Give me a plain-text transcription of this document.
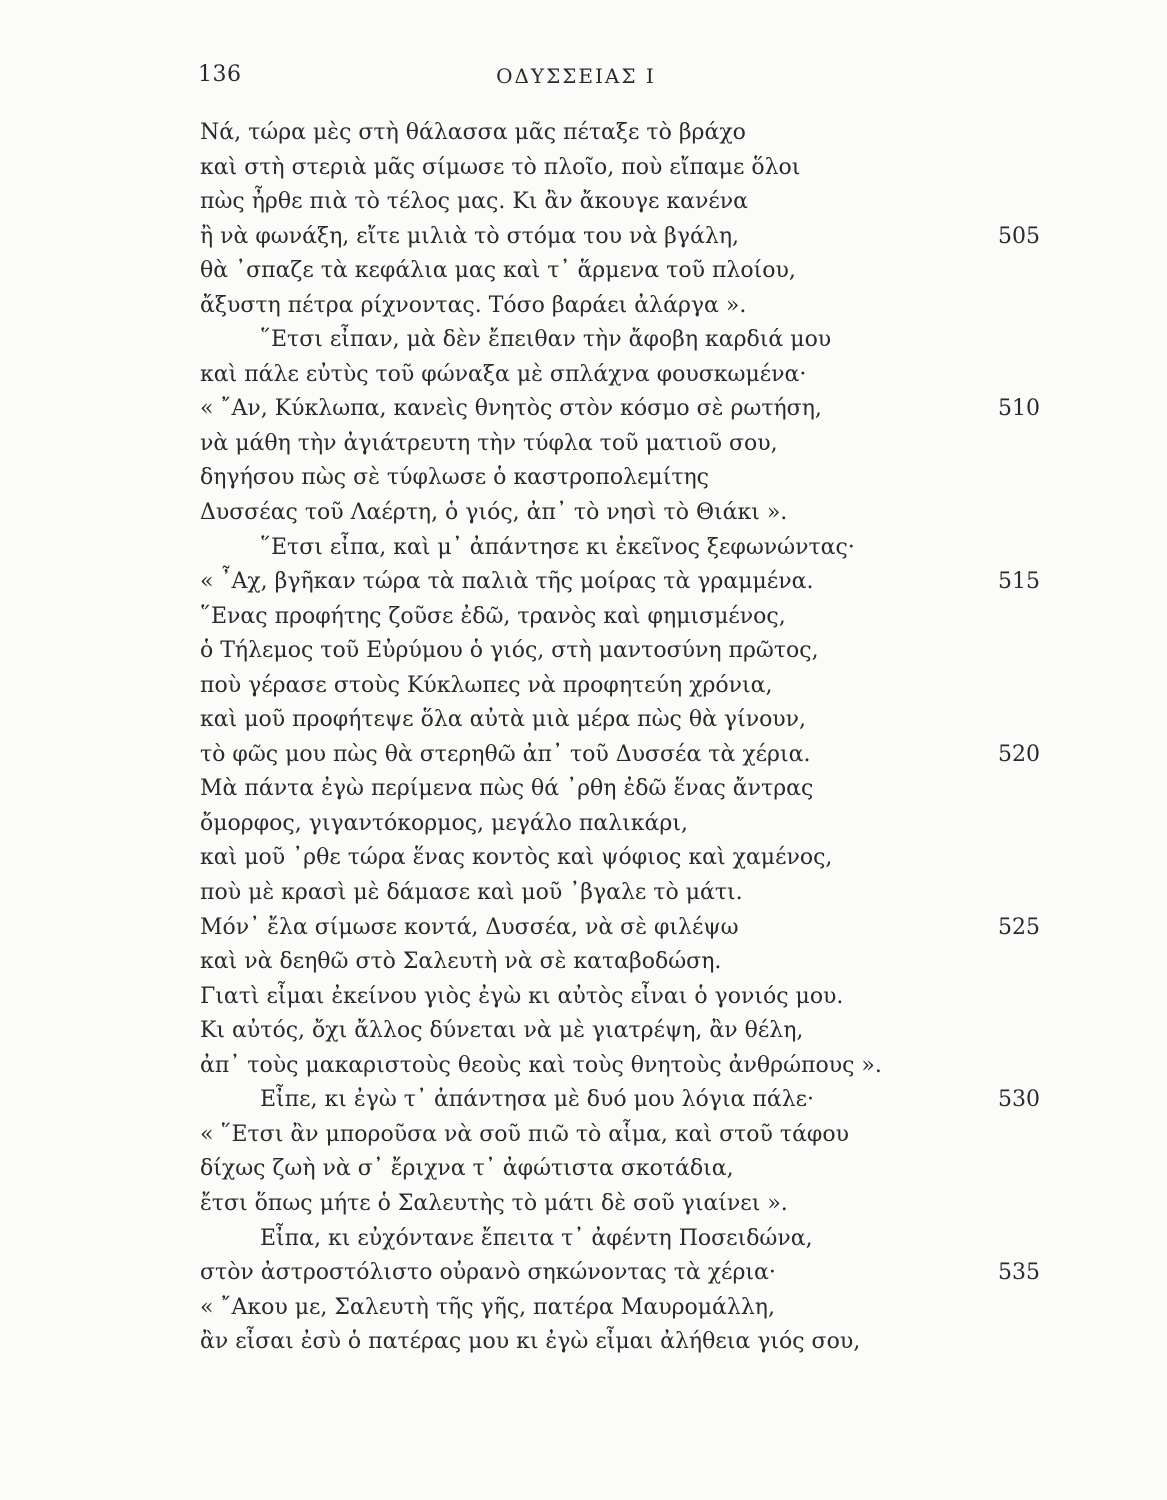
136	ΟΔΥΣΣΕΙΑΣ Ι
Νά, τώρα μὲς στὴ θάλασσα μᾶς πέταξε τὸ βράχο
καὶ στὴ στεριὰ μᾶς σίμωσε τὸ πλοῖο, ποὺ εἴπαμε ὅλοι
πὼς ἦρθε πιὰ τὸ τέλος μας. Κι ἂν ἄκουγε κανένα
ἢ νὰ φωνάξη, εἴτε μιλιὰ τὸ στόμα του νὰ βγάλη,	505
θὰ ᾽σπαζε τὰ κεφάλια μας καὶ τ᾽ ἅρμενα τοῦ πλοίου,
ἄξυστη πέτρα ρίχνοντας. Τόσο βαράει ἀλάργα ».
῞Ετσι εἶπαν, μὰ δὲν ἔπειθαν τὴν ἄφοβη καρδιά μου
καὶ πάλε εὐτὺς τοῦ φώναξα μὲ σπλάχνα φουσκωμένα·
« ῎Αν, Κύκλωπα, κανεὶς θνητὸς στὸν κόσμο σὲ ρωτήση,	510
νὰ μάθη τὴν ἀγιάτρευτη τὴν τύφλα τοῦ ματιοῦ σου,
δηγήσου πὼς σὲ τύφλωσε ὁ καστροπολεμίτης
Δυσσέας τοῦ Λαέρτη, ὁ γιός, ἀπ᾽ τὸ νησὶ τὸ Θιάκι ».
῞Ετσι εἶπα, καὶ μ᾽ ἀπάντησε κι ἐκεῖνος ξεφωνώντας·
« ῏Αχ, βγῆκαν τώρα τὰ παλιὰ τῆς μοίρας τὰ γραμμένα.	515
῞Ενας προφήτης ζοῦσε ἐδῶ, τρανὸς καὶ φημισμένος,
ὁ Τήλεμος τοῦ Εὐρύμου ὁ γιός, στὴ μαντοσύνη πρῶτος,
ποὺ γέρασε στοὺς Κύκλωπες νὰ προφητεύη χρόνια,
καὶ μοῦ προφήτεψε ὅλα αὐτὰ μιὰ μέρα πὼς θὰ γίνουν,
τὸ φῶς μου πὼς θὰ στερηθῶ ἀπ᾽ τοῦ Δυσσέα τὰ χέρια.	520
Μὰ πάντα ἐγὼ περίμενα πὼς θά ᾽ρθη ἐδῶ ἕνας ἄντρας
ὄμορφος, γιγαντόκορμος, μεγάλο παλικάρι,
καὶ μοῦ ᾽ρθε τώρα ἕνας κοντὸς καὶ ψόφιος καὶ χαμένος,
ποὺ μὲ κρασὶ μὲ δάμασε καὶ μοῦ ᾽βγαλε τὸ μάτι.
Μόν᾽ ἔλα σίμωσε κοντά, Δυσσέα, νὰ σὲ φιλέψω	525
καὶ νὰ δεηθῶ στὸ Σαλευτὴ νὰ σὲ καταβοδώση.
Γιατὶ εἶμαι ἐκείνου γιὸς ἐγὼ κι αὐτὸς εἶναι ὁ γονιός μου.
Κι αὐτός, ὄχι ἄλλος δύνεται νὰ μὲ γιατρέψη, ἂν θέλη,
ἀπ᾽ τοὺς μακαριστοὺς θεοὺς καὶ τοὺς θνητοὺς ἀνθρώπους ».
Εἶπε, κι ἐγὼ τ᾽ ἀπάντησα μὲ δυό μου λόγια πάλε·	530
« ῞Ετσι ἂν μποροῦσα νὰ σοῦ πιῶ τὸ αἷμα, καὶ στοῦ τάφου
δίχως ζωὴ νὰ σ᾽ ἔριχνα τ᾽ ἀφώτιστα σκοτάδια,
ἔτσι ὅπως μήτε ὁ Σαλευτὴς τὸ μάτι δὲ σοῦ γιαίνει ».
Εἶπα, κι εὐχόντανε ἔπειτα τ᾽ ἀφέντη Ποσειδώνα,
στὸν ἀστροστόλιστο οὐρανὸ σηκώνοντας τὰ χέρια·	535
« ῎Ακου με, Σαλευτὴ τῆς γῆς, πατέρα Μαυρομάλλη,
ἂν εἶσαι ἐσὺ ὁ πατέρας μου κι ἐγὼ εἶμαι ἀλήθεια γιός σου,
